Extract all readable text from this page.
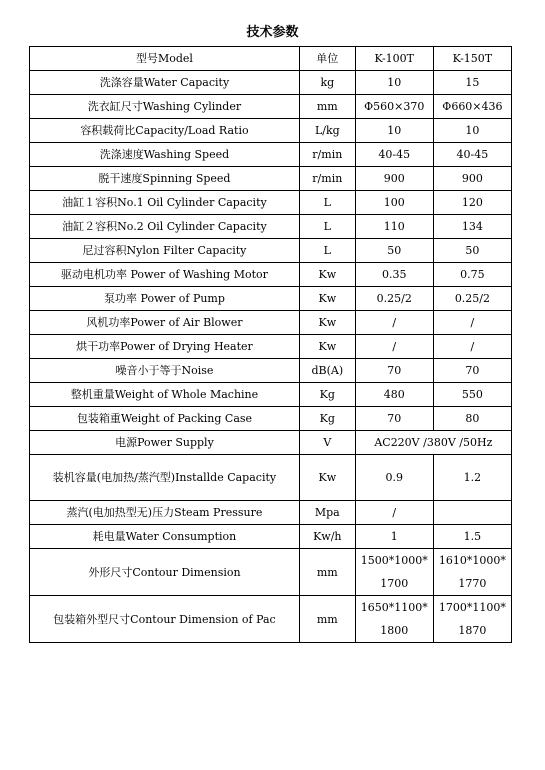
技术参数
型号Model	单位	K-100T	K-150T
洗涤容量Water Capacity	kg	10	15
洗衣缸尺寸Washing Cylinder	mm	Φ560×370	Φ660×436
容积载荷比Capacity/Load Ratio	L/kg	10	10
洗涤速度Washing Speed	r/min	40-45	40-45
脱干速度Spinning Speed	r/min	900	900
油缸１容积No.1 Oil Cylinder Capacity	L	100	120
油缸２容积No.2 Oil Cylinder Capacity	L	110	134
尼过容积Nylon Filter Capacity	L	50	50
驱动电机功率 Power of Washing Motor	Kw	0.35	0.75
泵功率 Power of Pump	Kw	0.25/2	0.25/2
风机功率Power of Air Blower	Kw	/	/
烘干功率Power of Drying Heater	Kw	/	/
噪音小于等于Noise	dB(A)	70	70
整机重量Weight of Whole Machine	Kg	480	550
包装箱重Weight of Packing Case	Kg	70	80
电源Power Supply	V	AC220V /380V /50Hz	
装机容量(电加热/蒸汽型)Installde Capacity	Kw	0.9	1.2
蒸汽(电加热型无)压力Steam Pressure	Mpa	/	
耗电量Water Consumption	Kw/h	1	1.5
外形尺寸Contour Dimension	mm	1500*1000*1700	1610*1000*1770
包装箱外型尺寸Contour Dimension of Pac	mm	1650*1100*1800	1700*1100*1870
